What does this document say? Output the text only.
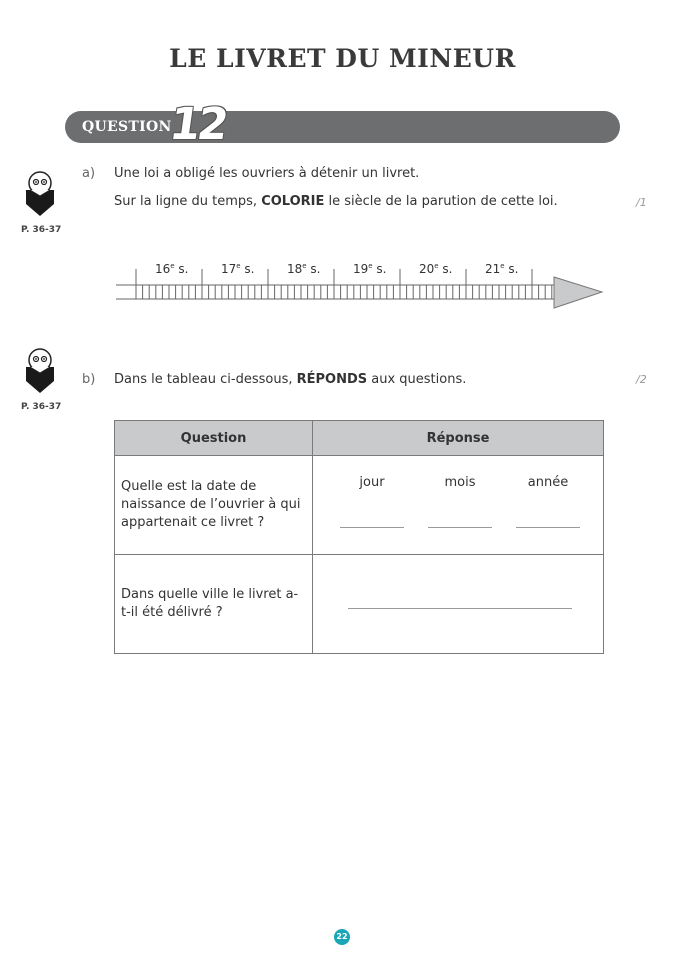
LE LIVRET DU MINEUR
QUESTION
12
P. 36-37
a) Une loi a obligé les ouvriers à détenir un livret.
Sur la ligne du temps, COLORIE le siècle de la parution de cette loi.	/1
16e s.	17e s.	18e s.	19e s.	20e s.	21e s.
P. 36-37
b) Dans le tableau ci-dessous, RÉPONDS aux questions.	/2
Question	Réponse
Quelle est la date de naissance de l’ouvrier à qui appartenait ce livret ?	jour mois année

Dans quelle ville le livret a-t-il été délivré ?	
22
